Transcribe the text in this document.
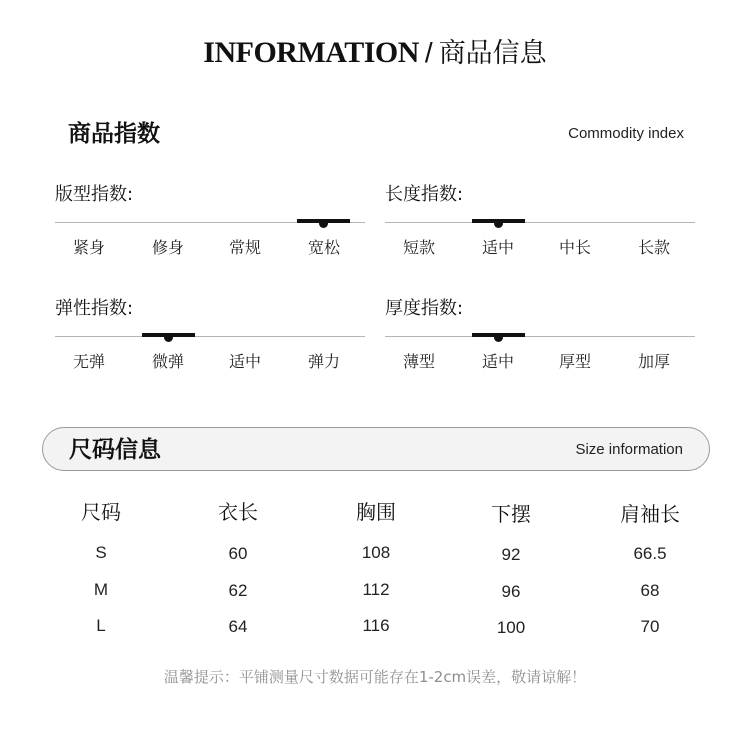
INFORMATION / 商品信息
商品指数	Commodity index
版型指数:
紧身	修身	常规	宽松
长度指数:
短款	适中	中长	长款
弹性指数:
无弹	微弹	适中	弹力
厚度指数:
薄型	适中	厚型	加厚
尺码信息	Size information
尺码	衣长	胸围	下摆	肩袖长
S	60	108	92	66.5
M	62	112	96	68
L	64	116	100	70
温馨提示：平铺测量尺寸数据可能存在1-2cm误差，敬请谅解！
